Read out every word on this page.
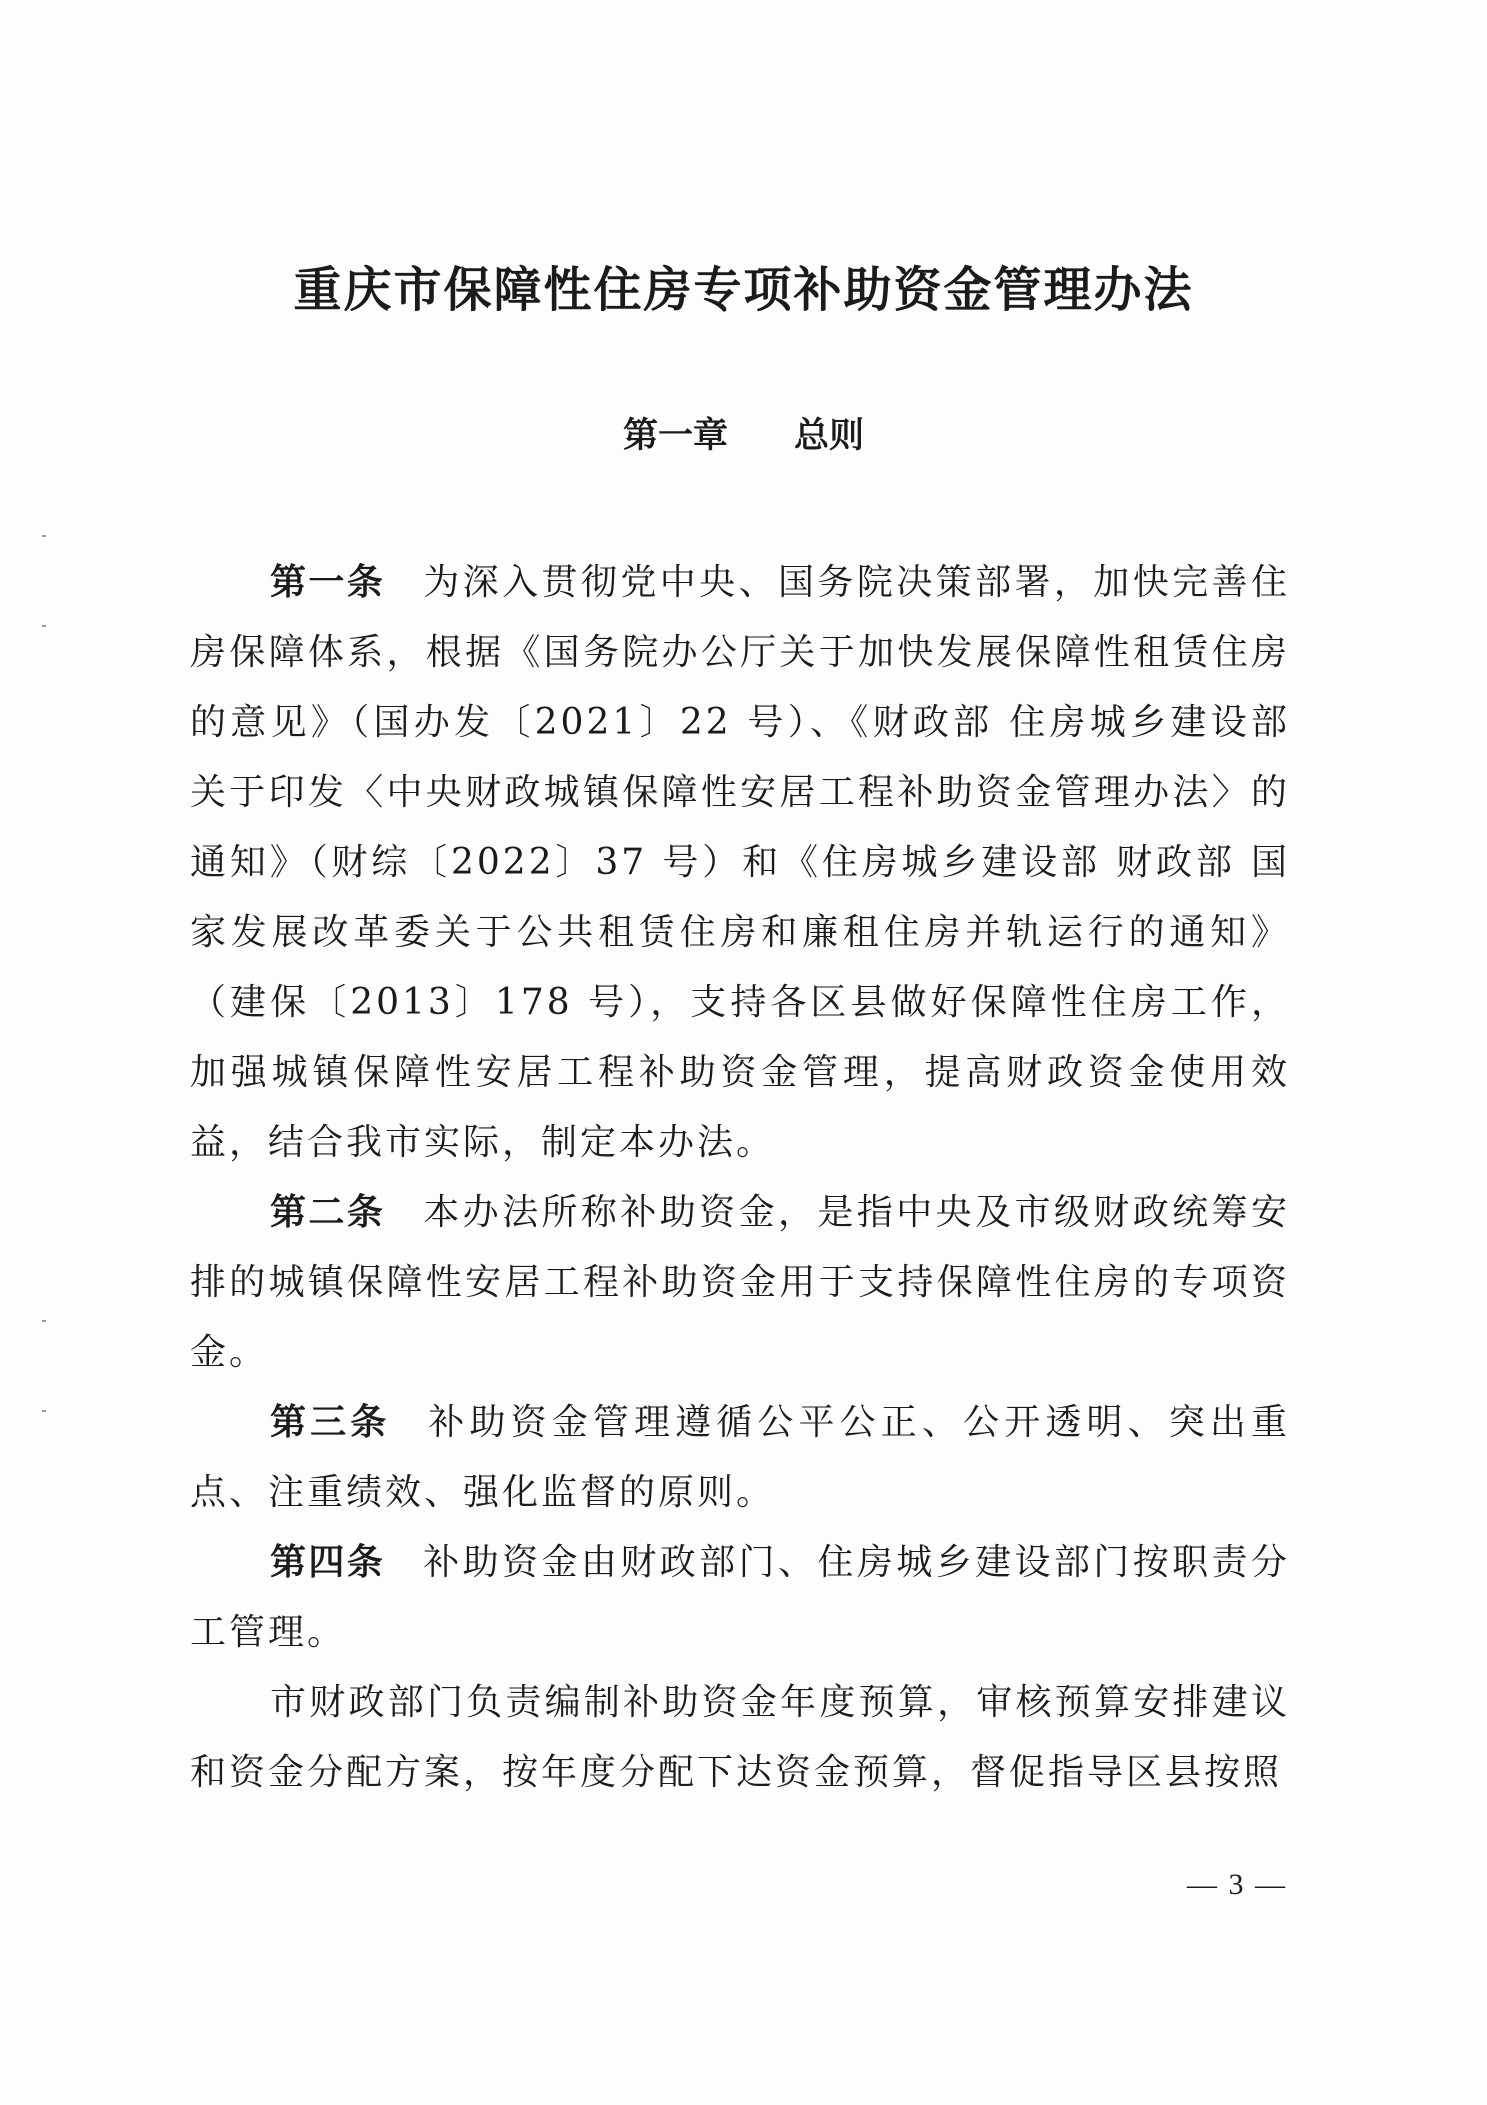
重庆市保障性住房专项补助资金管理办法
第一章 总则

第一条 为深入贯彻党中央、国务院决策部署，加快完善住房保障体系，根据《国务院办公厅关于加快发展保障性租赁住房的意见》（国办发〔2021〕22 号）、《财政部 住房城乡建设部关于印发〈中央财政城镇保障性安居工程补助资金管理办法〉的通知》（财综〔2022〕37 号）和《住房城乡建设部 财政部 国家发展改革委关于公共租赁住房和廉租住房并轨运行的通知》（建保〔2013〕178 号），支持各区县做好保障性住房工作，加强城镇保障性安居工程补助资金管理，提高财政资金使用效益，结合我市实际，制定本办法。

第二条 本办法所称补助资金，是指中央及市级财政统筹安排的城镇保障性安居工程补助资金用于支持保障性住房的专项资金。

第三条 补助资金管理遵循公平公正、公开透明、突出重点、注重绩效、强化监督的原则。

第四条 补助资金由财政部门、住房城乡建设部门按职责分工管理。

市财政部门负责编制补助资金年度预算，审核预算安排建议和资金分配方案，按年度分配下达资金预算，督促指导区县按照

— 3 —
